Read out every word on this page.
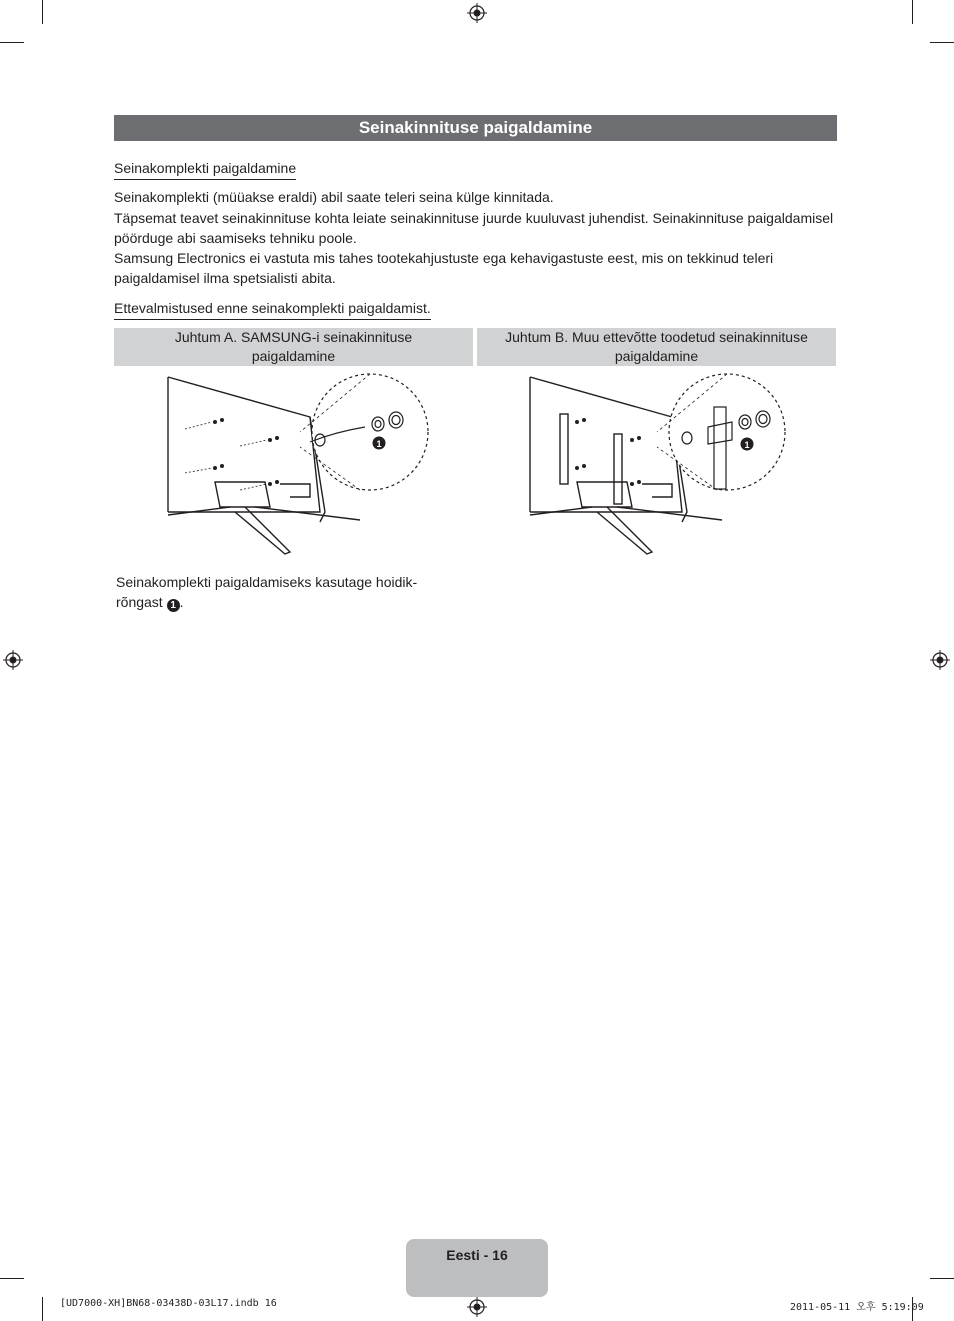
Seinakinnituse paigaldamine
Seinakomplekti paigaldamine
Seinakomplekti (müüakse eraldi) abil saate teleri seina külge kinnitada.
Täpsemat teavet seinakinnituse kohta leiate seinakinnituse juurde kuuluvast juhendist. Seinakinnituse paigaldamisel pöörduge abi saamiseks tehniku poole.
Samsung Electronics ei vastuta mis tahes tootekahjustuste ega kehavigastuste eest, mis on tekkinud teleri paigaldamisel ilma spetsialisti abita.
Ettevalmistused enne seinakomplekti paigaldamist.
Juhtum A. SAMSUNG-i seinakinnituse paigaldamine
Juhtum B. Muu ettevõtte toodetud seinakinnituse paigaldamine
1	1
Seinakomplekti paigaldamiseks kasutage hoidikrõngast 1 .
Eesti - 16
[UD7000-XH]BN68-03438D-03L17.indb 16	2011-05-11 오후 5:19:09
